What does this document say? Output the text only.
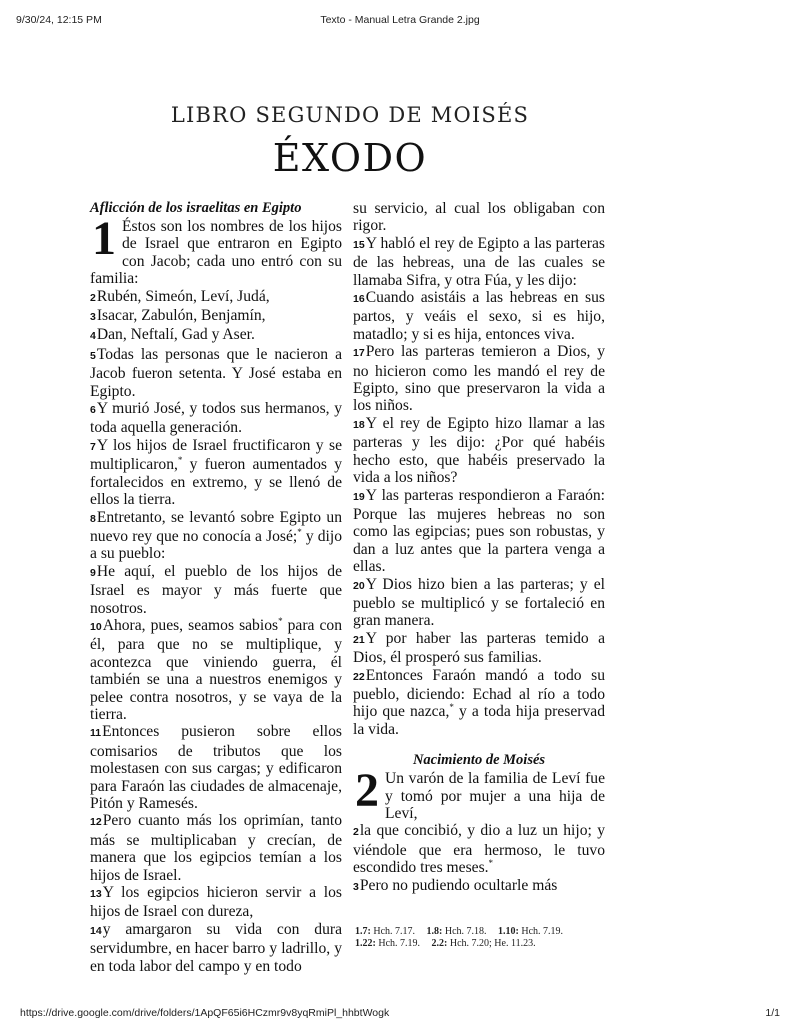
9/30/24, 12:15 PM	Texto - Manual Letra Grande 2.jpg
LIBRO SEGUNDO DE MOISÉS
ÉXODO
Aflicción de los israelitas en Egipto

1 Éstos son los nombres de los hijos de Israel que entraron en Egipto con Jacob; cada uno entró con su familia:

2Rubén, Simeón, Leví, Judá,

3Isacar, Zabulón, Benjamín,

4Dan, Neftalí, Gad y Aser.

5Todas las personas que le nacieron a Jacob fueron setenta. Y José estaba en Egipto.

6Y murió José, y todos sus hermanos, y toda aquella generación.

7Y los hijos de Israel fructificaron y se multiplicaron,* y fueron aumentados y fortalecidos en extremo, y se llenó de ellos la tierra.

8Entretanto, se levantó sobre Egipto un nuevo rey que no conocía a José;* y dijo a su pueblo:

9He aquí, el pueblo de los hijos de Israel es mayor y más fuerte que nosotros.

10Ahora, pues, seamos sabios* para con él, para que no se multiplique, y acontezca que viniendo guerra, él también se una a nuestros enemigos y pelee contra nosotros, y se vaya de la tierra.

11Entonces pusieron sobre ellos comisarios de tributos que los molestasen con sus cargas; y edificaron para Faraón las ciudades de almacenaje, Pitón y Ramesés.

12Pero cuanto más los oprimían, tanto más se multiplicaban y crecían, de manera que los egipcios temían a los hijos de Israel.

13Y los egipcios hicieron servir a los hijos de Israel con dureza,

14y amargaron su vida con dura servidumbre, en hacer barro y ladrillo, y en toda labor del campo y en todo

su servicio, al cual los obligaban con rigor.

15Y habló el rey de Egipto a las parteras de las hebreas, una de las cuales se llamaba Sifra, y otra Fúa, y les dijo:

16Cuando asistáis a las hebreas en sus partos, y veáis el sexo, si es hijo, matadlo; y si es hija, entonces viva.

17Pero las parteras temieron a Dios, y no hicieron como les mandó el rey de Egipto, sino que preservaron la vida a los niños.

18Y el rey de Egipto hizo llamar a las parteras y les dijo: ¿Por qué habéis hecho esto, que habéis preservado la vida a los niños?

19Y las parteras respondieron a Faraón: Porque las mujeres hebreas no son como las egipcias; pues son robustas, y dan a luz antes que la partera venga a ellas.

20Y Dios hizo bien a las parteras; y el pueblo se multiplicó y se fortaleció en gran manera.

21Y por haber las parteras temido a Dios, él prosperó sus familias.

22Entonces Faraón mandó a todo su pueblo, diciendo: Echad al río a todo hijo que nazca,* y a toda hija preservad la vida.

Nacimiento de Moisés

2 Un varón de la familia de Leví fue y tomó por mujer a una hija de Leví,

2la que concibió, y dio a luz un hijo; y viéndole que era hermoso, le tuvo escondido tres meses.*

3Pero no pudiendo ocultarle más

1.7: Hch. 7.17. 1.8: Hch. 7.18. 1.10: Hch. 7.19.
1.22: Hch. 7.19. 2.2: Hch. 7.20; He. 11.23.
https://drive.google.com/drive/folders/1ApQF65i6HCzmr9v8yqRmiPl_hhbtWogk	1/1
